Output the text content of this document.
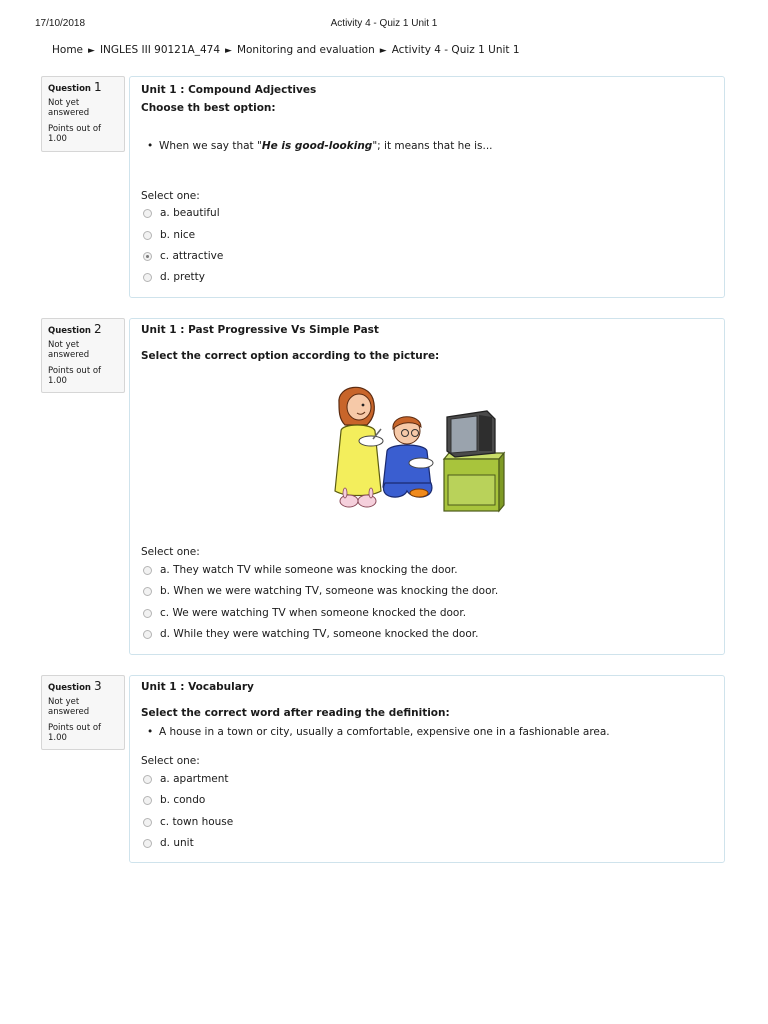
17/10/2018	Activity 4 - Quiz 1 Unit 1
Home ► INGLES III 90121A_474 ► Monitoring and evaluation ► Activity 4 - Quiz 1 Unit 1
Question 1
Not yet answered
Points out of 1.00
Unit 1 : Compound Adjectives
Choose th best option:
• When we say that "He is good-looking"; it means that he is...
Select one:
a. beautiful
b. nice
c. attractive
d. pretty
Question 2
Not yet answered
Points out of 1.00
Unit 1 : Past Progressive Vs Simple Past
Select the correct option according to the picture:
Select one:
a. They watch TV while someone was knocking the door.
b. When we were watching TV, someone was knocking the door.
c. We were watching TV when someone knocked the door.
d. While they were watching TV, someone knocked the door.
Question 3
Not yet answered
Points out of 1.00
Unit 1 : Vocabulary
Select the correct word after reading the definition:
• A house in a town or city, usually a comfortable, expensive one in a fashionable area.
Select one:
a. apartment
b. condo
c. town house
d. unit
